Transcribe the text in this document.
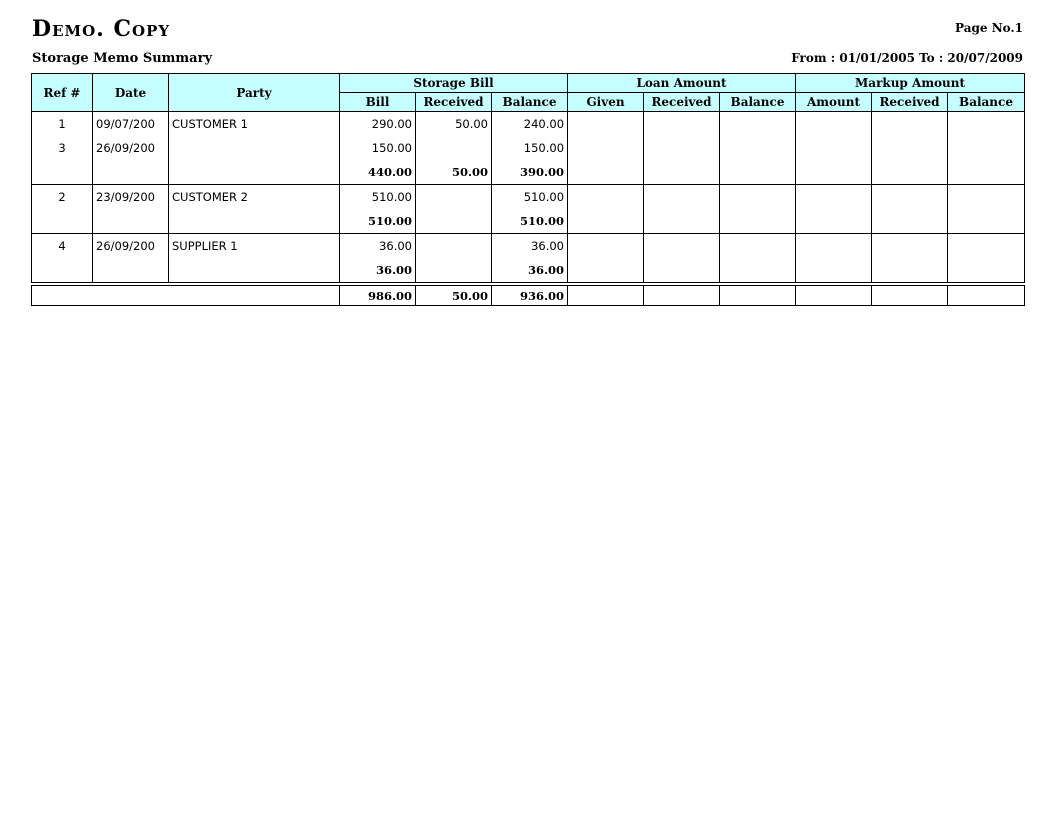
Demo. Copy	Page No.1
Storage Memo Summary	From : 01/01/2005 To : 20/07/2009
Ref #	Date	Party	Storage Bill			Loan Amount			Markup Amount		
			Bill	Received	Balance	Given	Received	Balance	Amount	Received	Balance
1	09/07/200	CUSTOMER 1	290.00	50.00	240.00						
3	26/09/200		150.00		150.00						
			440.00	50.00	390.00						
2	23/09/200	CUSTOMER 2	510.00		510.00						
			510.00		510.00						
4	26/09/200	SUPPLIER 1	36.00		36.00						
			36.00		36.00						

			986.00	50.00	936.00						
